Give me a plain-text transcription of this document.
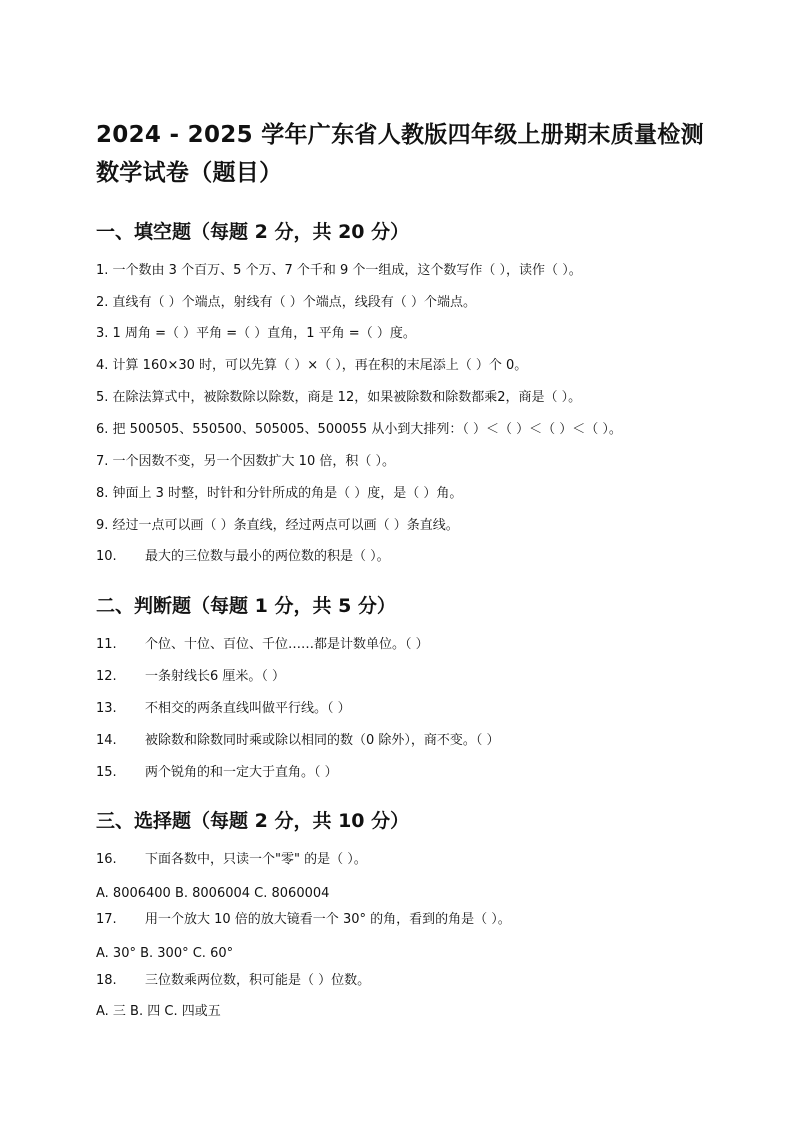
2024 - 2025 学年广东省人教版四年级上册期末质量检测
数学试卷（题目）
一、填空题（每题 2 分，共 20 分）
1. 一个数由 3 个百万、5 个万、7 个千和 9 个一组成，这个数写作（ ），读作（ ）。
2. 直线有（ ）个端点，射线有（ ）个端点，线段有（ ）个端点。
3. 1 周角 =（ ）平角 =（ ）直角，1 平角 =（ ）度。
4. 计算 160×30 时，可以先算（ ）×（ ），再在积的末尾添上（ ）个 0。
5. 在除法算式中，被除数除以除数，商是 12，如果被除数和除数都乘2，商是（ ）。
6. 把 500505、550500、505005、500055 从小到大排列：（ ）＜（ ）＜（ ）＜（ ）。
7. 一个因数不变，另一个因数扩大 10 倍，积（ ）。
8. 钟面上 3 时整，时针和分针所成的角是（ ）度，是（ ）角。
9. 经过一点可以画（ ）条直线，经过两点可以画（ ）条直线。
10. 最大的三位数与最小的两位数的积是（ ）。
二、判断题（每题 1 分，共 5 分）
11. 个位、十位、百位、千位……都是计数单位。（ ）
12. 一条射线长6 厘米。（ ）
13. 不相交的两条直线叫做平行线。（ ）
14. 被除数和除数同时乘或除以相同的数（0 除外），商不变。（ ）
15. 两个锐角的和一定大于直角。（ ）
三、选择题（每题 2 分，共 10 分）
16. 下面各数中，只读一个"零" 的是（ ）。
A. 8006400 B. 8006004 C. 8060004
17. 用一个放大 10 倍的放大镜看一个 30° 的角，看到的角是（ ）。
A. 30° B. 300° C. 60°
18. 三位数乘两位数，积可能是（ ）位数。
A. 三 B. 四 C. 四或五
